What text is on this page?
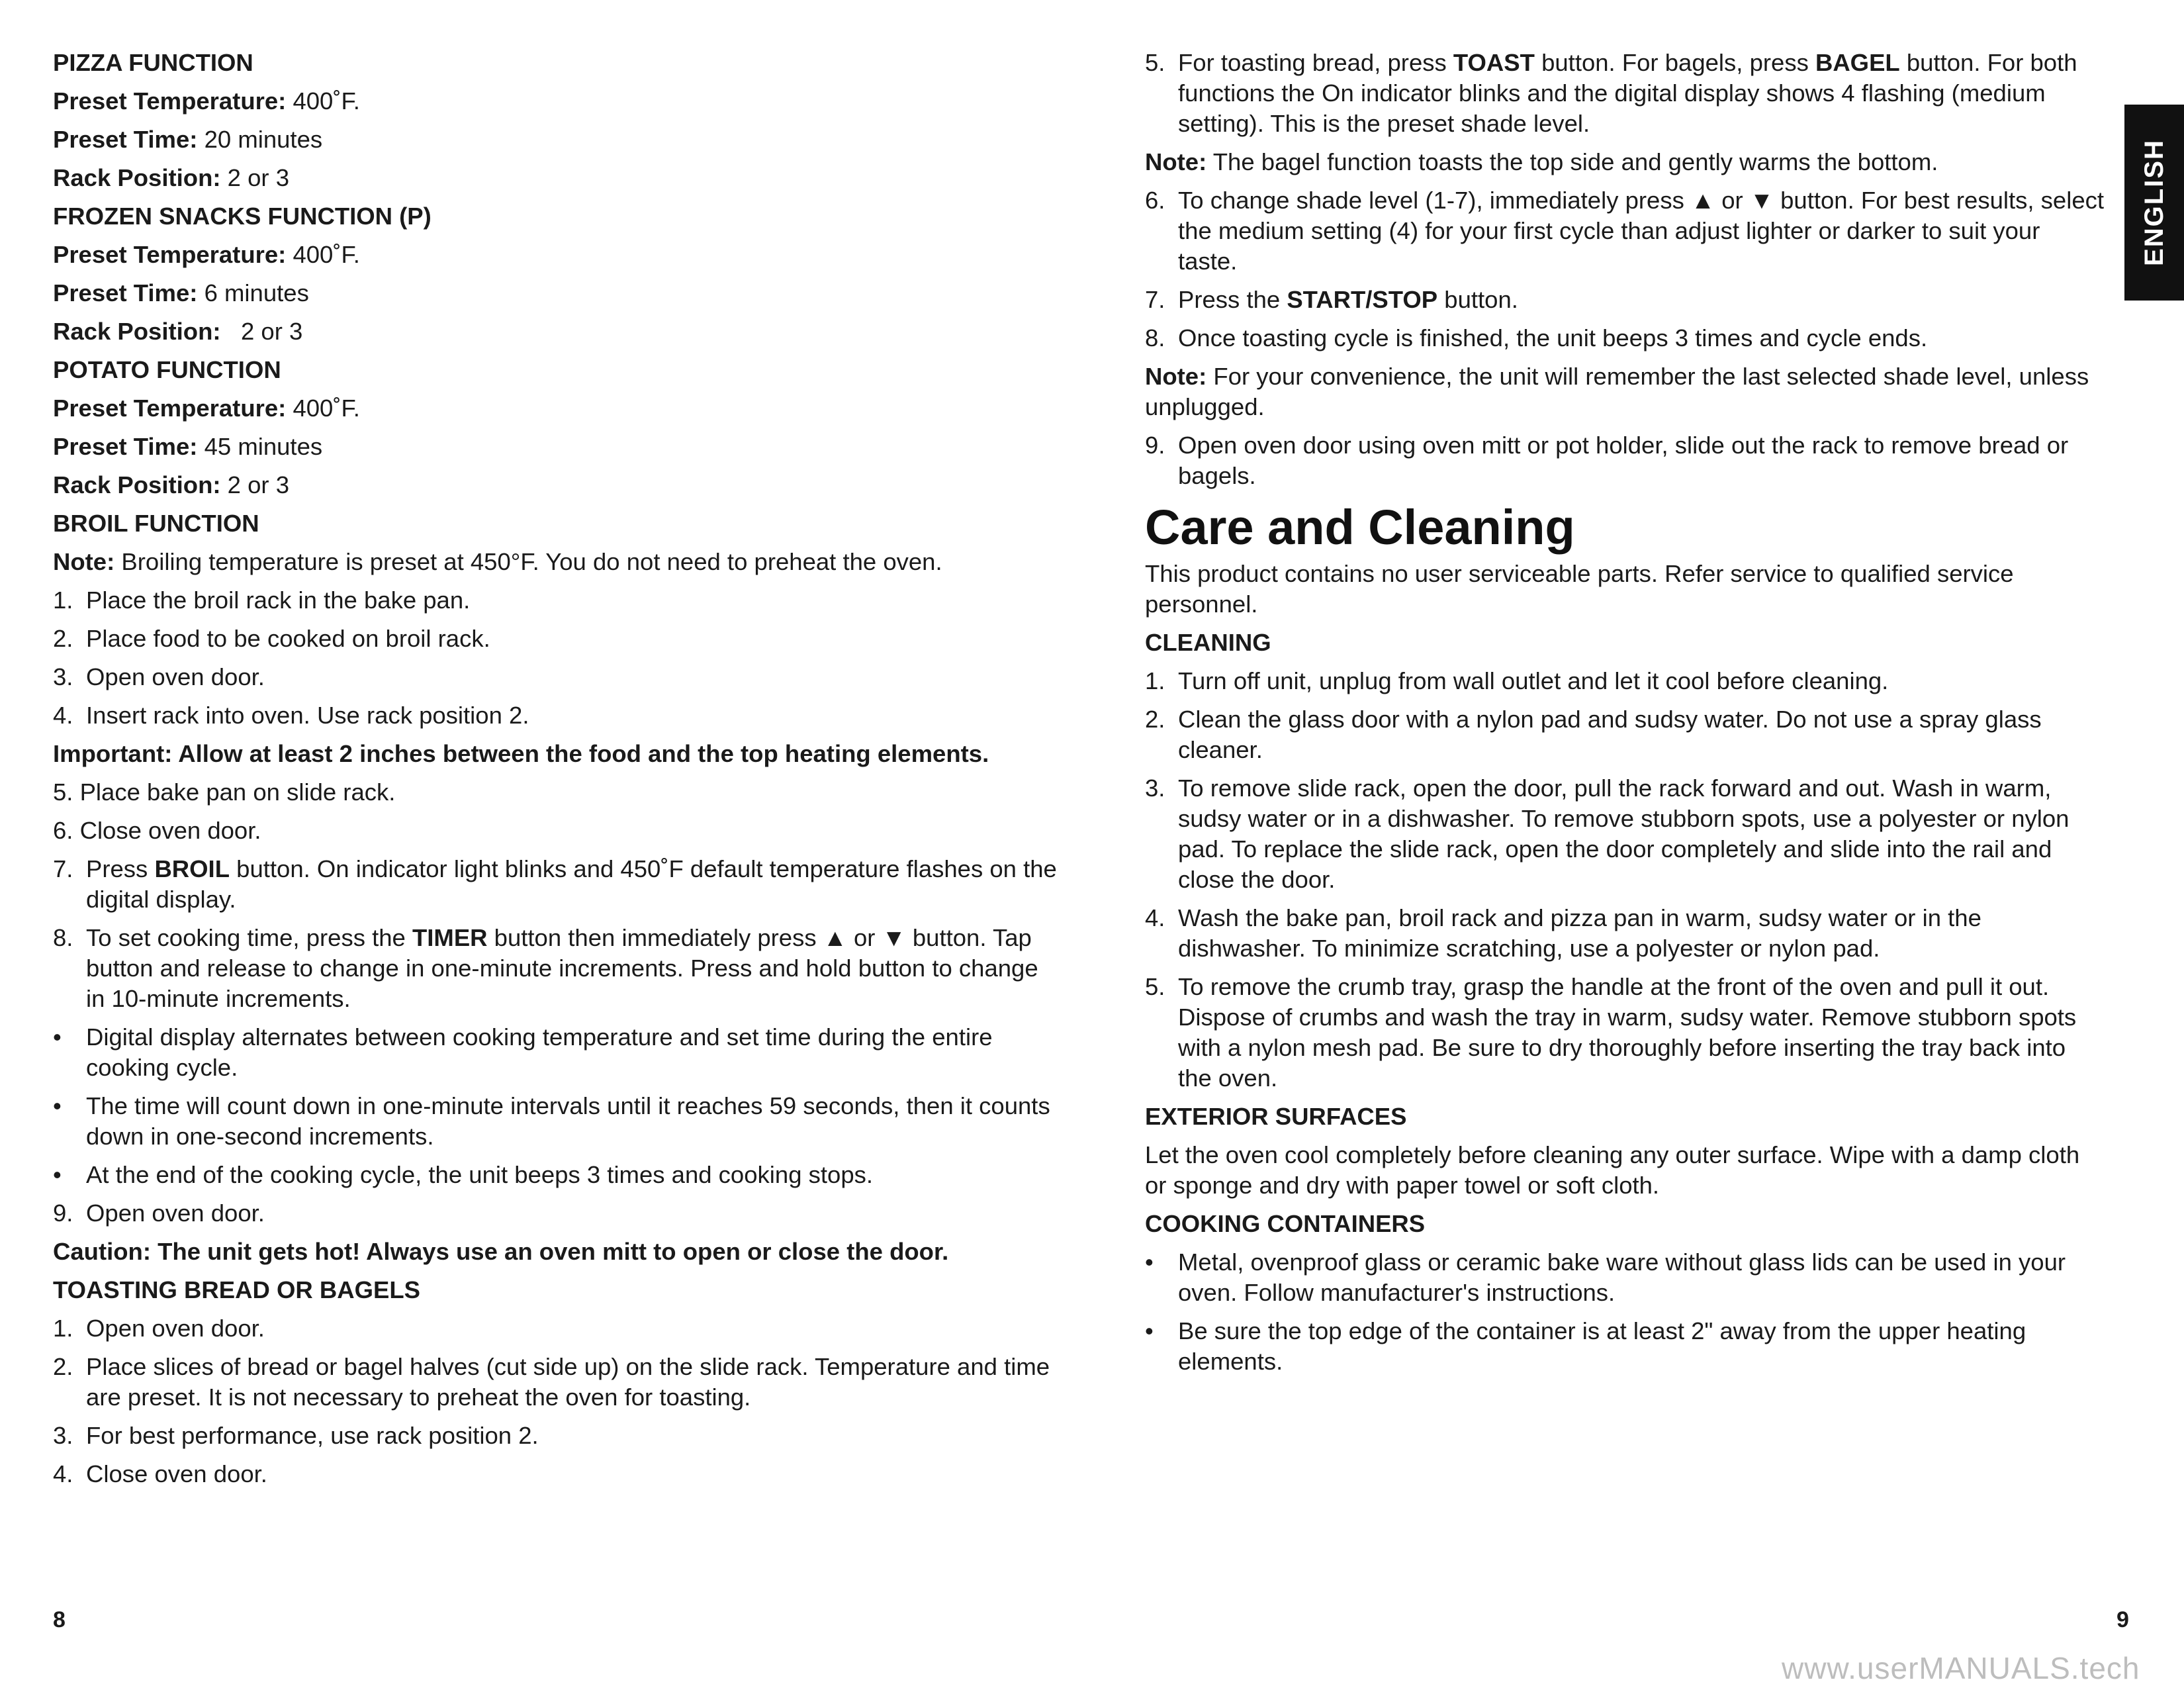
PIZZA FUNCTION
Preset Temperature: 400˚F.
Preset Time: 20 minutes
Rack Position: 2 or 3
FROZEN SNACKS FUNCTION (P)
Preset Temperature: 400˚F.
Preset Time: 6 minutes
Rack Position:   2 or 3
POTATO FUNCTION
Preset Temperature: 400˚F.
Preset Time: 45 minutes
Rack Position: 2 or 3
BROIL FUNCTION
Note: Broiling temperature is preset at 450°F. You do not need to preheat the oven.
1. Place the broil rack in the bake pan.
2. Place food to be cooked on broil rack.
3. Open oven door.
4. Insert rack into oven. Use rack position 2.
Important: Allow at least 2 inches between the food and the top heating elements.
5. Place bake pan on slide rack.
6. Close oven door.
7. Press BROIL button. On indicator light blinks and 450˚F default temperature flashes on the digital display.
8. To set cooking time, press the TIMER button then immediately press ▲ or ▼ button. Tap button and release to change in one-minute increments. Press and hold button to change in 10-minute increments.
• Digital display alternates between cooking temperature and set time during the entire cooking cycle.
• The time will count down in one-minute intervals until it reaches 59 seconds, then it counts down in one-second increments.
• At the end of the cooking cycle, the unit beeps 3 times and cooking stops.
9. Open oven door.
Caution: The unit gets hot! Always use an oven mitt to open or close the door.
TOASTING BREAD OR BAGELS
1. Open oven door.
2. Place slices of bread or bagel halves (cut side up) on the slide rack. Temperature and time are preset. It is not necessary to preheat the oven for toasting.
3. For best performance, use rack position 2.
4. Close oven door.
5. For toasting bread, press TOAST button. For bagels, press BAGEL button. For both functions the On indicator blinks and the digital display shows 4 flashing (medium setting). This is the preset shade level.
Note: The bagel function toasts the top side and gently warms the bottom.
6. To change shade level (1-7), immediately press ▲ or ▼ button. For best results, select the medium setting (4) for your first cycle than adjust lighter or darker to suit your taste.
7. Press the START/STOP button.
8. Once toasting cycle is finished, the unit beeps 3 times and cycle ends.
Note: For your convenience, the unit will remember the last selected shade level, unless unplugged.
9. Open oven door using oven mitt or pot holder, slide out the rack to remove bread or bagels.
Care and Cleaning
This product contains no user serviceable parts. Refer service to qualified service personnel.
CLEANING
1. Turn off unit, unplug from wall outlet and let it cool before cleaning.
2. Clean the glass door with a nylon pad and sudsy water. Do not use a spray glass cleaner.
3. To remove slide rack, open the door, pull the rack forward and out. Wash in warm, sudsy water or in a dishwasher. To remove stubborn spots, use a polyester or nylon pad. To replace the slide rack, open the door completely and slide into the rail and close the door.
4. Wash the bake pan, broil rack and pizza pan in warm, sudsy water or in the dishwasher. To minimize scratching, use a polyester or nylon pad.
5. To remove the crumb tray, grasp the handle at the front of the oven and pull it out. Dispose of crumbs and wash the tray in warm, sudsy water. Remove stubborn spots with a nylon mesh pad. Be sure to dry thoroughly before inserting the tray back into the oven.
EXTERIOR SURFACES
Let the oven cool completely before cleaning any outer surface. Wipe with a damp cloth or sponge and dry with paper towel or soft cloth.
COOKING CONTAINERS
• Metal, ovenproof glass or ceramic bake ware without glass lids can be used in your oven. Follow manufacturer's instructions.
• Be sure the top edge of the container is at least 2" away from the upper heating elements.
ENGLISH
8	9
www.userMANUALS.tech
